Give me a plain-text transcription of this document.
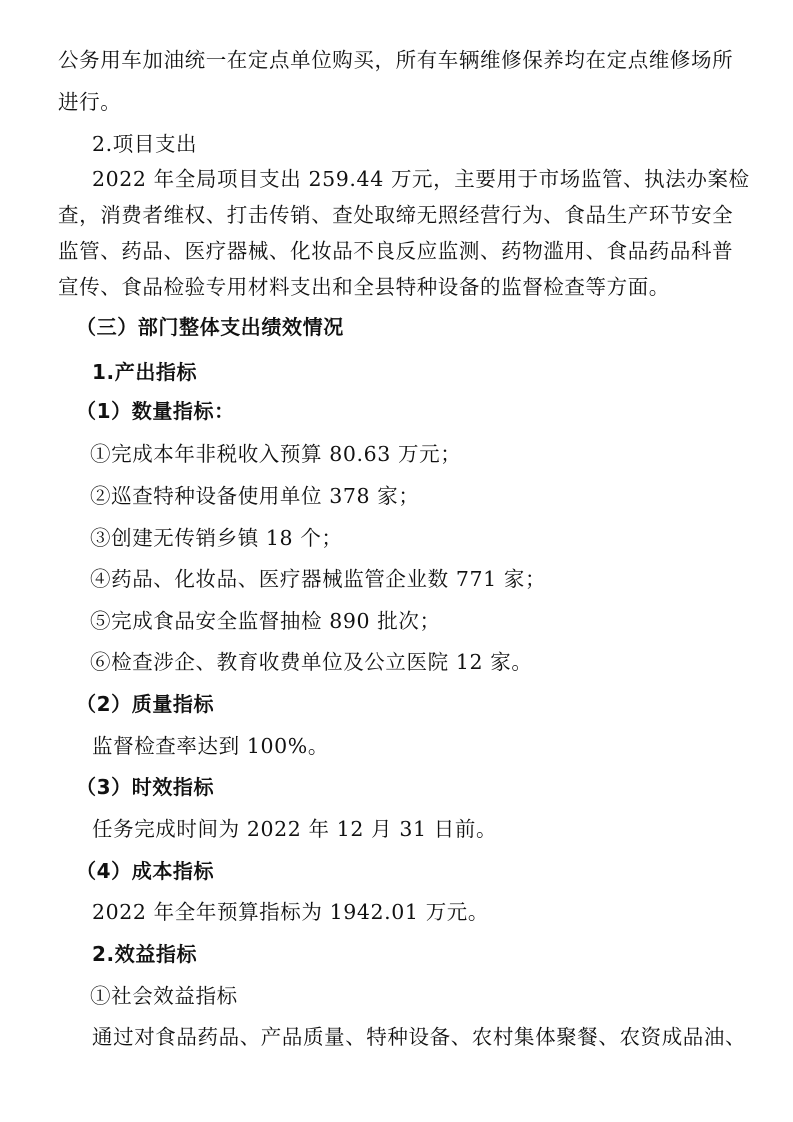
公务用车加油统一在定点单位购买，所有车辆维修保养均在定点维修场所
进行。
2.项目支出
2022 年全局项目支出 259.44 万元，主要用于市场监管、执法办案检
查，消费者维权、打击传销、查处取缔无照经营行为、食品生产环节安全
监管、药品、医疗器械、化妆品不良反应监测、药物滥用、食品药品科普
宣传、食品检验专用材料支出和全县特种设备的监督检查等方面。
（三）部门整体支出绩效情况
1.产出指标
（1）数量指标：
①完成本年非税收入预算 80.63 万元；
②巡查特种设备使用单位 378 家；
③创建无传销乡镇 18 个；
④药品、化妆品、医疗器械监管企业数 771 家；
⑤完成食品安全监督抽检 890 批次；
⑥检查涉企、教育收费单位及公立医院 12 家。
（2）质量指标
监督检查率达到 100%。
（3）时效指标
任务完成时间为 2022 年 12 月 31 日前。
（4）成本指标
2022 年全年预算指标为 1942.01 万元。
2.效益指标
①社会效益指标
通过对食品药品、产品质量、特种设备、农村集体聚餐、农资成品油、
